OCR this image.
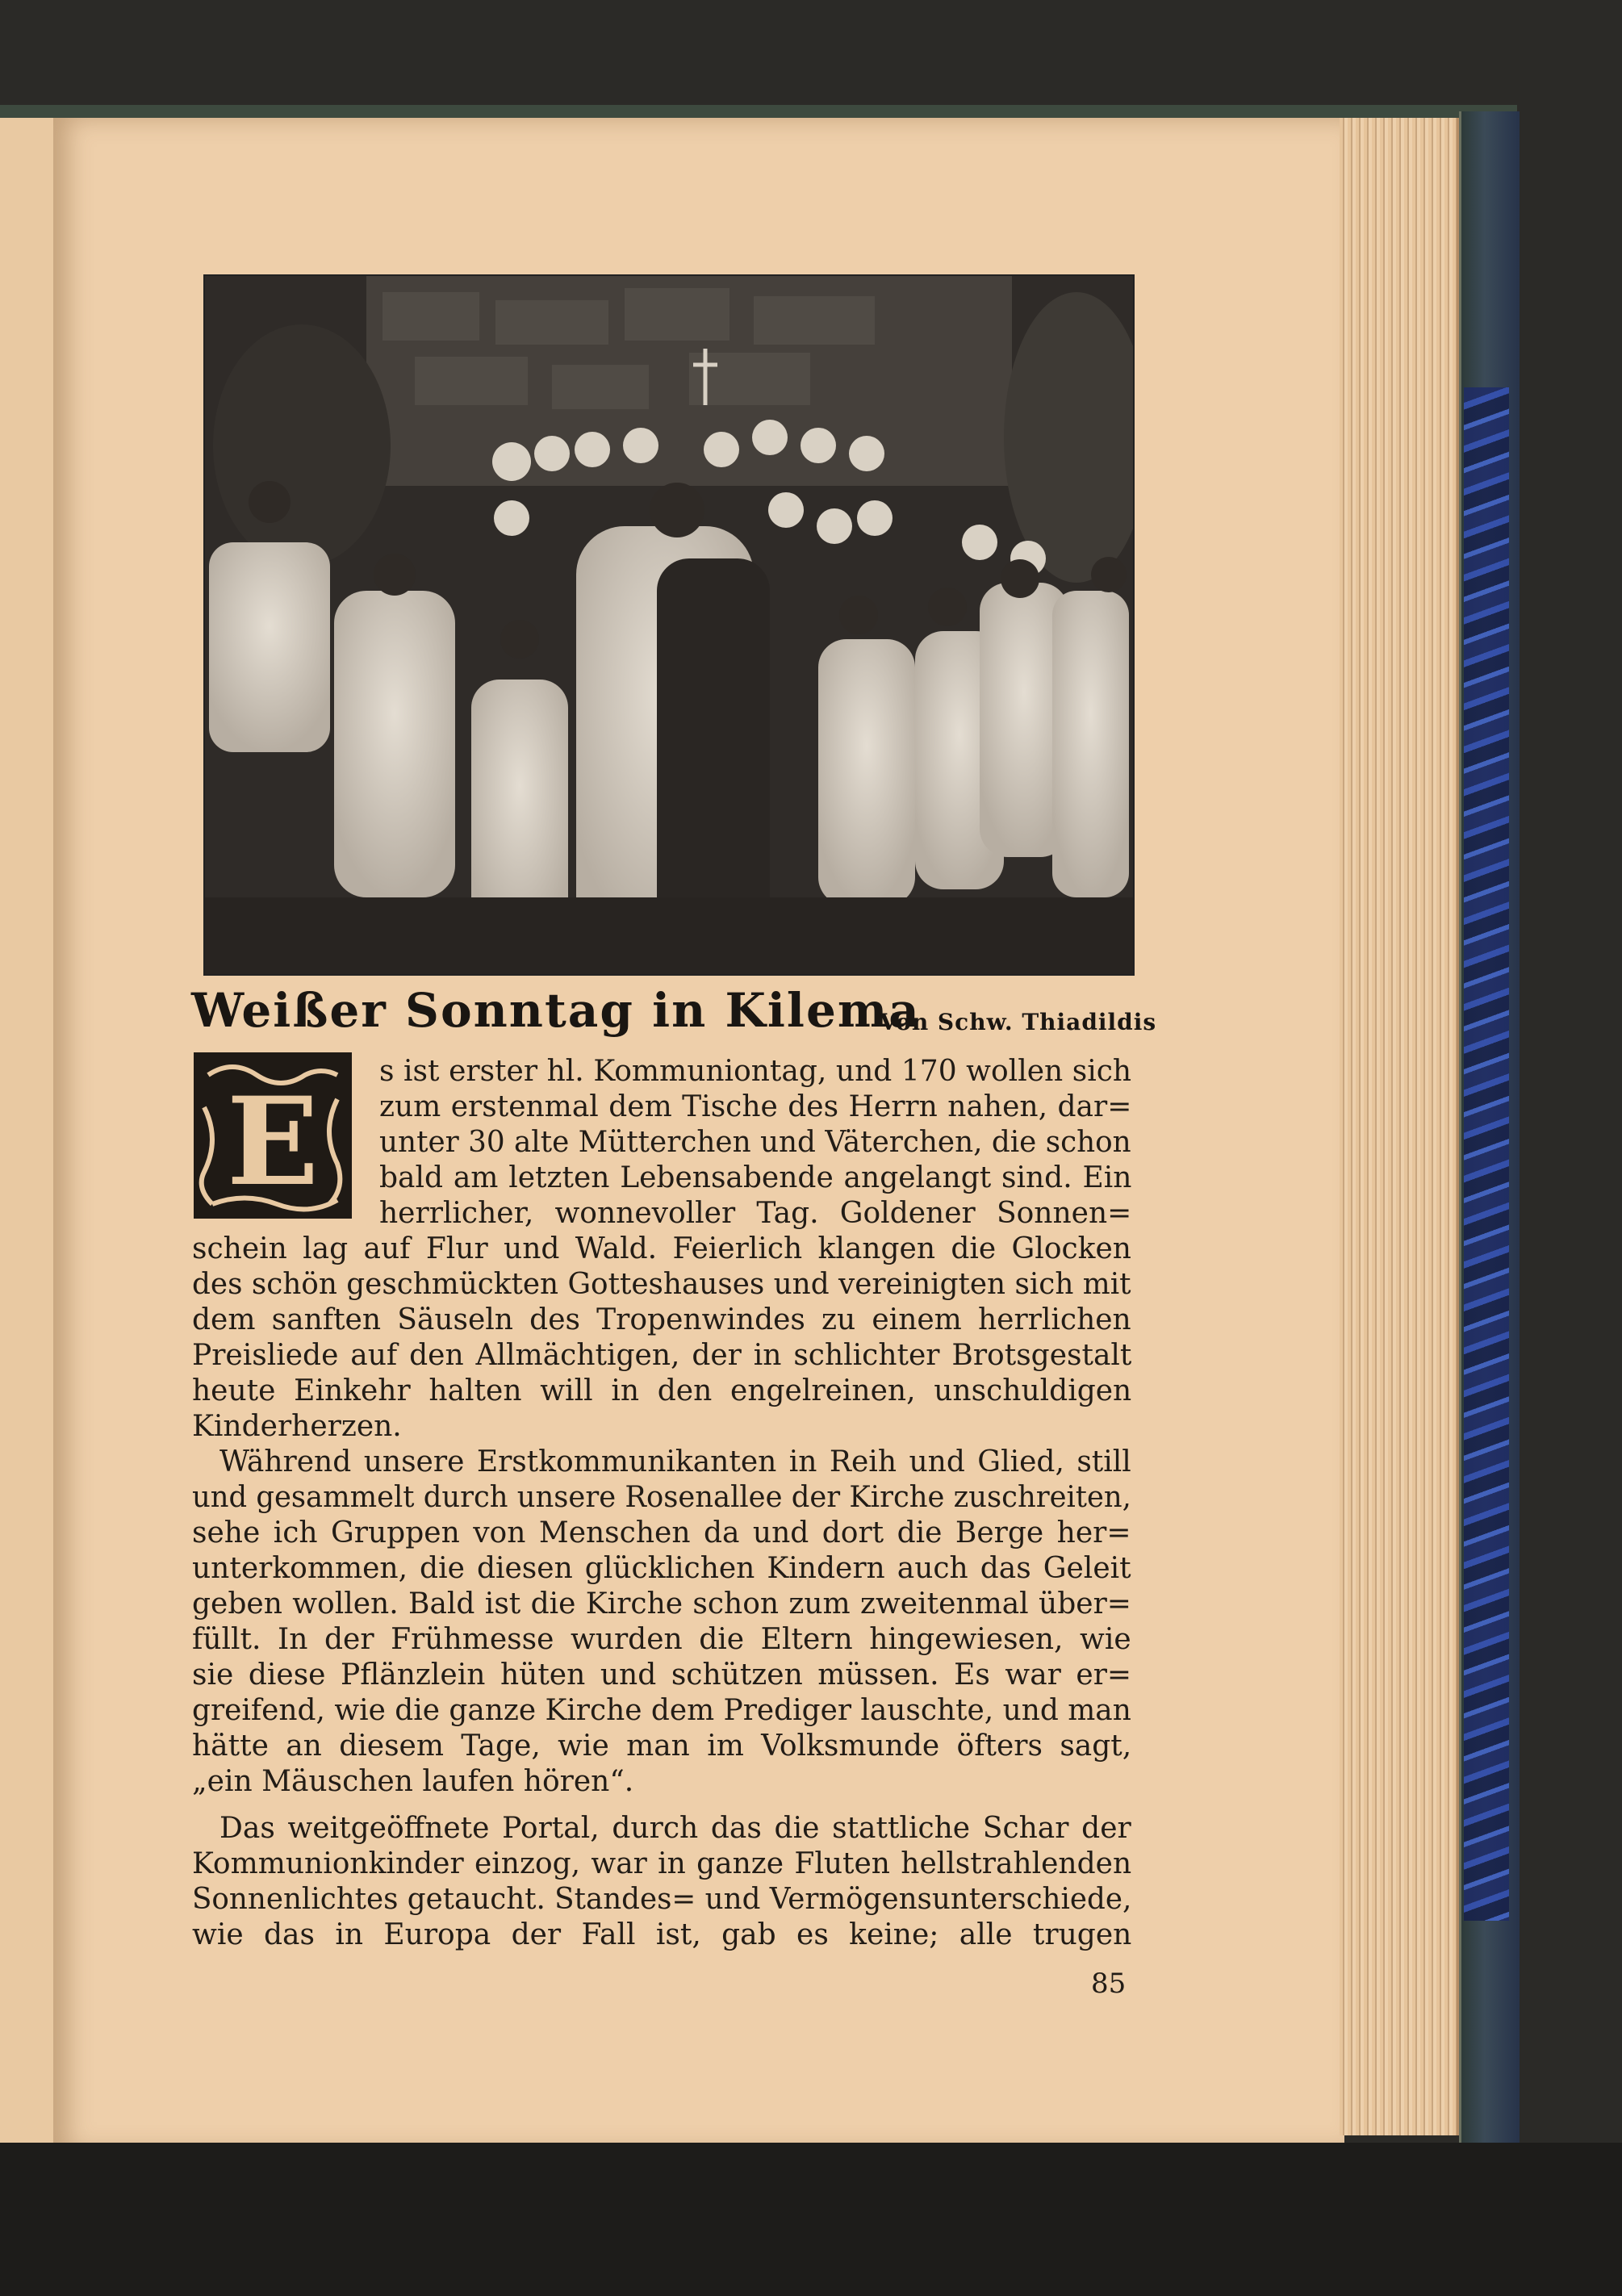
Weißer Sonntag in Kilema
Von Schw. Thiadildis
E s ist erster hl. Kommuniontag, und 170 wollen sich
zum erstenmal dem Tische des Herrn nahen, dar=
unter 30 alte Mütterchen und Väterchen, die schon
bald am letzten Lebensabende angelangt sind. Ein
herrlicher, wonnevoller Tag. Goldener Sonnen=
schein lag auf Flur und Wald. Feierlich klangen die Glocken
des schön geschmückten Gotteshauses und vereinigten sich mit
dem sanften Säuseln des Tropenwindes zu einem herrlichen
Preisliede auf den Allmächtigen, der in schlichter Brotsgestalt
heute Einkehr halten will in den engelreinen, unschuldigen
Kinderherzen.
Während unsere Erstkommunikanten in Reih und Glied, still
und gesammelt durch unsere Rosenallee der Kirche zuschreiten,
sehe ich Gruppen von Menschen da und dort die Berge her=
unterkommen, die diesen glücklichen Kindern auch das Geleit
geben wollen. Bald ist die Kirche schon zum zweitenmal über=
füllt. In der Frühmesse wurden die Eltern hingewiesen, wie
sie diese Pflänzlein hüten und schützen müssen. Es war er=
greifend, wie die ganze Kirche dem Prediger lauschte, und man
hätte an diesem Tage, wie man im Volksmunde öfters sagt,
„ein Mäuschen laufen hören“.
Das weitgeöffnete Portal, durch das die stattliche Schar der
Kommunionkinder einzog, war in ganze Fluten hellstrahlenden
Sonnenlichtes getaucht. Standes= und Vermögensunterschiede,
wie das in Europa der Fall ist, gab es keine; alle trugen
85
